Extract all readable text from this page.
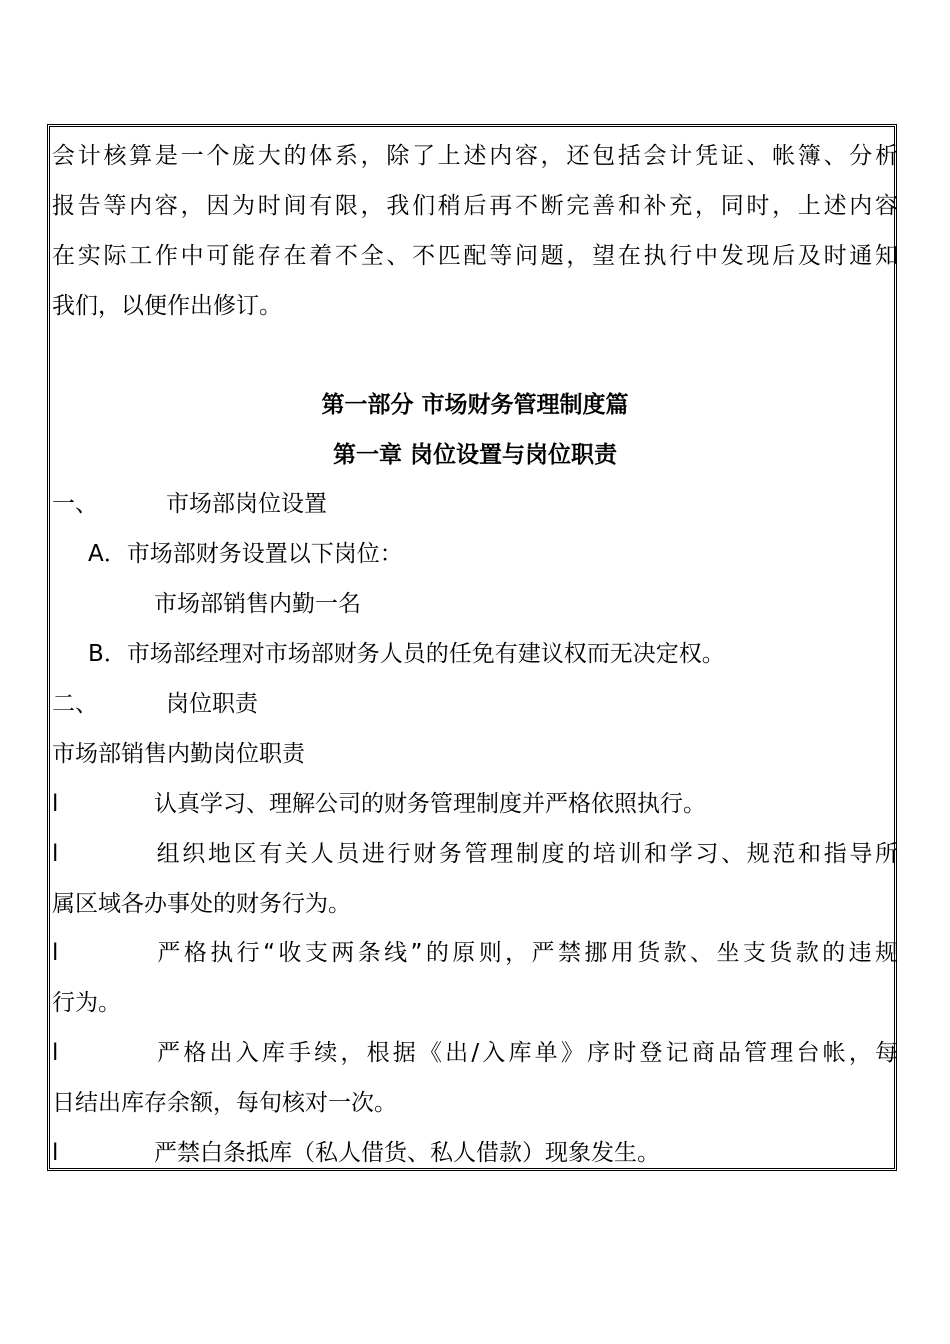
会计核算是一个庞大的体系，除了上述内容，还包括会计凭证、帐簿、分析
报告等内容，因为时间有限，我们稍后再不断完善和补充，同时，上述内容
在实际工作中可能存在着不全、不匹配等问题，望在执行中发现后及时通知
我们，以便作出修订。
第一部分 市场财务管理制度篇
第一章 岗位设置与岗位职责
一、	市场部岗位设置
A．市场部财务设置以下岗位：
市场部销售内勤一名
B．市场部经理对市场部财务人员的任免有建议权而无决定权。
二、	岗位职责
市场部销售内勤岗位职责
l	认真学习、理解公司的财务管理制度并严格依照执行。
l	组织地区有关人员进行财务管理制度的培训和学习、规范和指导所
属区域各办事处的财务行为。
l	严格执行“收支两条线”的原则，严禁挪用货款、坐支货款的违规
行为。
l	严格出入库手续，根据《出/入库单》序时登记商品管理台帐，每
日结出库存余额，每旬核对一次。
l	严禁白条抵库（私人借货、私人借款）现象发生。
